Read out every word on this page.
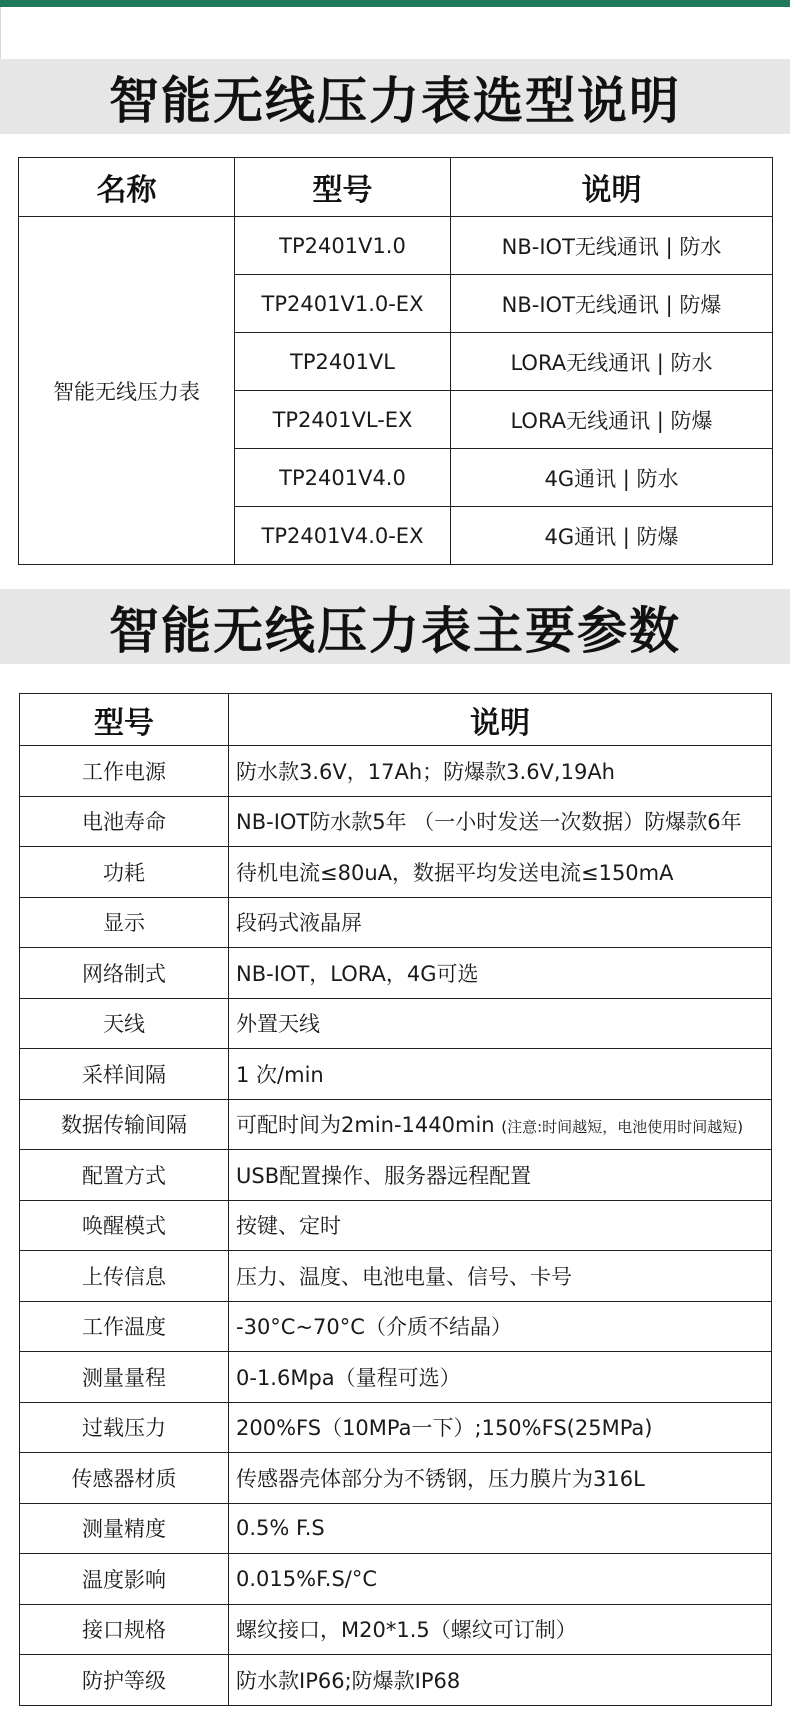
智能无线压力表选型说明
名称	型号	说明
智能无线压力表	TP2401V1.0	NB-IOT无线通讯 | 防水
	TP2401V1.0-EX	NB-IOT无线通讯 | 防爆
	TP2401VL	LORA无线通讯 | 防水
	TP2401VL-EX	LORA无线通讯 | 防爆
	TP2401V4.0	4G通讯 | 防水
	TP2401V4.0-EX	4G通讯 | 防爆
智能无线压力表主要参数
型号	说明
工作电源	防水款3.6V，17Ah；防爆款3.6V,19Ah
电池寿命	NB-IOT防水款5年 （一小时发送一次数据）防爆款6年
功耗	待机电流≤80uA，数据平均发送电流≤150mA
显示	段码式液晶屏
网络制式	NB-IOT，LORA，4G可选
天线	外置天线
采样间隔	1 次/min
数据传输间隔	可配时间为2min-1440min (注意:时间越短，电池使用时间越短)
配置方式	USB配置操作、服务器远程配置
唤醒模式	按键、定时
上传信息	压力、温度、电池电量、信号、卡号
工作温度	-30°C~70°C（介质不结晶）
测量量程	0-1.6Mpa（量程可选）
过载压力	200%FS（10MPa一下）;150%FS(25MPa)
传感器材质	传感器壳体部分为不锈钢，压力膜片为316L
测量精度	0.5% F.S
温度影响	0.015%F.S/°C
接口规格	螺纹接口，M20*1.5（螺纹可订制）
防护等级	防水款IP66;防爆款IP68
